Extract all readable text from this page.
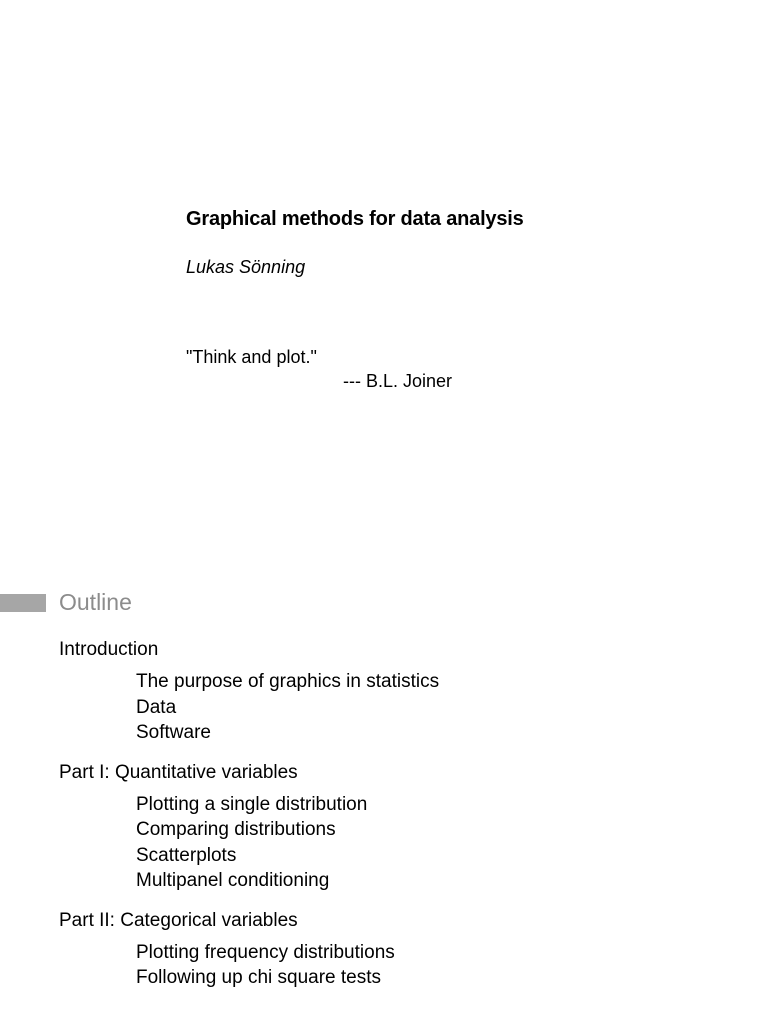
Graphical methods for data analysis

Lukas Sönning

"Think and plot."

--- B.L. Joiner

Outline

Introduction

The purpose of graphics in statistics
Data
Software

Part I: Quantitative variables

Plotting a single distribution
Comparing distributions
Scatterplots
Multipanel conditioning

Part II: Categorical variables

Plotting frequency distributions
Following up chi square tests
